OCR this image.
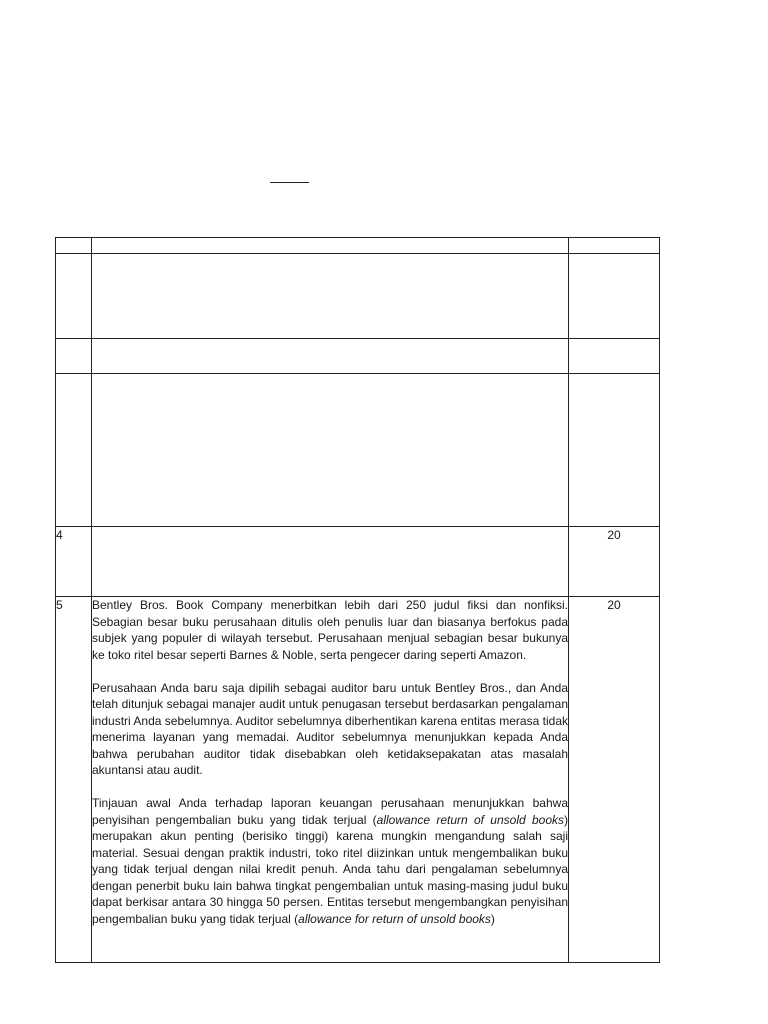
4		20
5	Bentley Bros. Book Company menerbitkan lebih dari 250 judul fiksi dan nonfiksi. Sebagian besar buku perusahaan ditulis oleh penulis luar dan biasanya berfokus pada subjek yang populer di wilayah tersebut. Perusahaan menjual sebagian besar bukunya ke toko ritel besar seperti Barnes & Noble, serta pengecer daring seperti Amazon.

Perusahaan Anda baru saja dipilih sebagai auditor baru untuk Bentley Bros., dan Anda telah ditunjuk sebagai manajer audit untuk penugasan tersebut berdasarkan pengalaman industri Anda sebelumnya. Auditor sebelumnya diberhentikan karena entitas merasa tidak menerima layanan yang memadai. Auditor sebelumnya menunjukkan kepada Anda bahwa perubahan auditor tidak disebabkan oleh ketidaksepakatan atas masalah akuntansi atau audit.

Tinjauan awal Anda terhadap laporan keuangan perusahaan menunjukkan bahwa penyisihan pengembalian buku yang tidak terjual (allowance return of unsold books) merupakan akun penting (berisiko tinggi) karena mungkin mengandung salah saji material. Sesuai dengan praktik industri, toko ritel diizinkan untuk mengembalikan buku yang tidak terjual dengan nilai kredit penuh. Anda tahu dari pengalaman sebelumnya dengan penerbit buku lain bahwa tingkat pengembalian untuk masing-masing judul buku dapat berkisar antara 30 hingga 50 persen. Entitas tersebut mengembangkan penyisihan pengembalian buku yang tidak terjual (allowance for return of unsold books)	20
